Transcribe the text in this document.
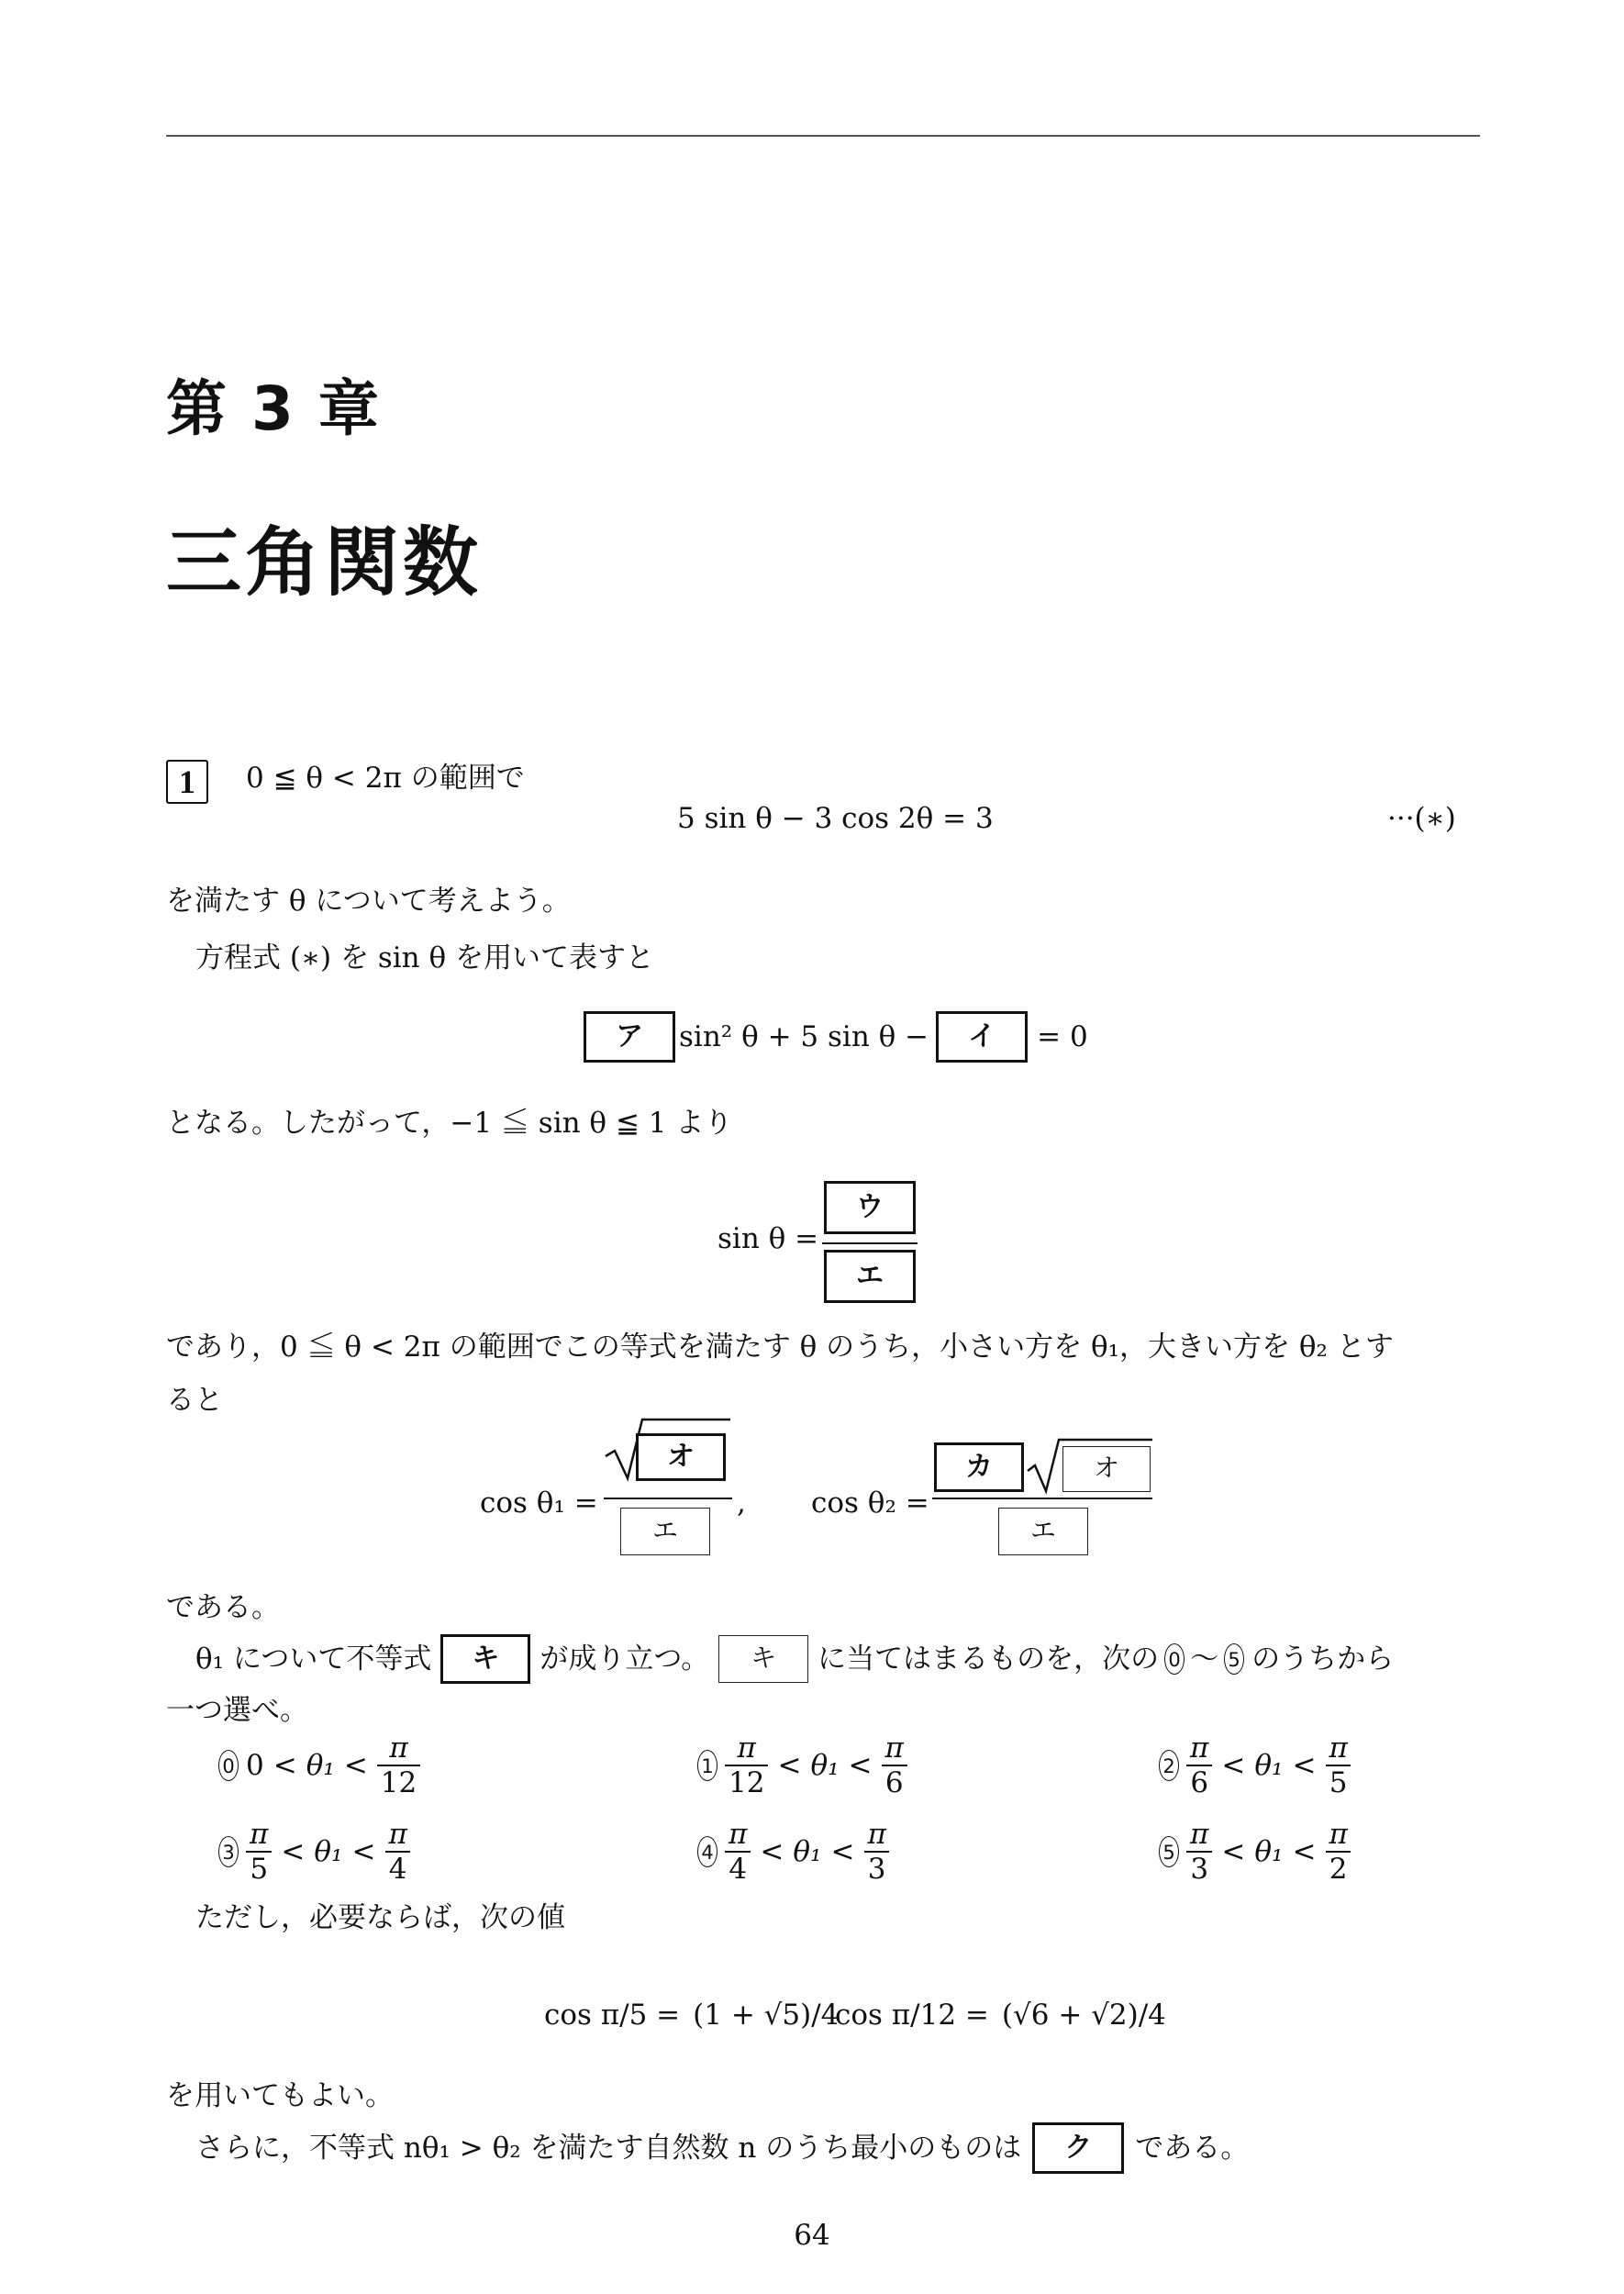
第 3 章
三角関数
1	0 ≦ θ < 2π の範囲で
5 sin θ − 3 cos 2θ = 3	···(∗)
を満たす θ について考えよう。
方程式 (∗) を sin θ を用いて表すと
ア	sin² θ + 5 sin θ −	イ	= 0
となる。したがって，−1 ≦ sin θ ≦ 1 より
sin θ =
ウ
エ
であり，0 ≦ θ < 2π の範囲でこの等式を満たす θ のうち，小さい方を θ₁，大きい方を θ₂ とす
ると
cos θ₁ =
オ
エ
, cos θ₂ =
カ	オ
エ
である。
θ₁ について不等式	キ	が成り立つ。	キ	に当てはまるものを，次の 0 〜 5 のうちから
一つ選べ。
0 $0 < \theta_1 < \frac{\pi}{12}$	$1 \frac{\pi}{12} < \theta_1 < \frac{\pi}{6}$	$2 \frac{\pi}{6} < \theta_1 < \frac{\pi}{5}$
$3 \frac{\pi}{5} < \theta_1 < \frac{\pi}{4}$	$4 \frac{\pi}{4} < \theta_1 < \frac{\pi}{3}$	$5 \frac{\pi}{3} < \theta_1 < \frac{\pi}{2}$
ただし，必要ならば，次の値
cos π/5 = (1 + √5)/4
cos π/12 = (√6 + √2)/4
を用いてもよい。
さらに，不等式 nθ₁ > θ₂ を満たす自然数 n のうち最小のものは	ク	である。
64
